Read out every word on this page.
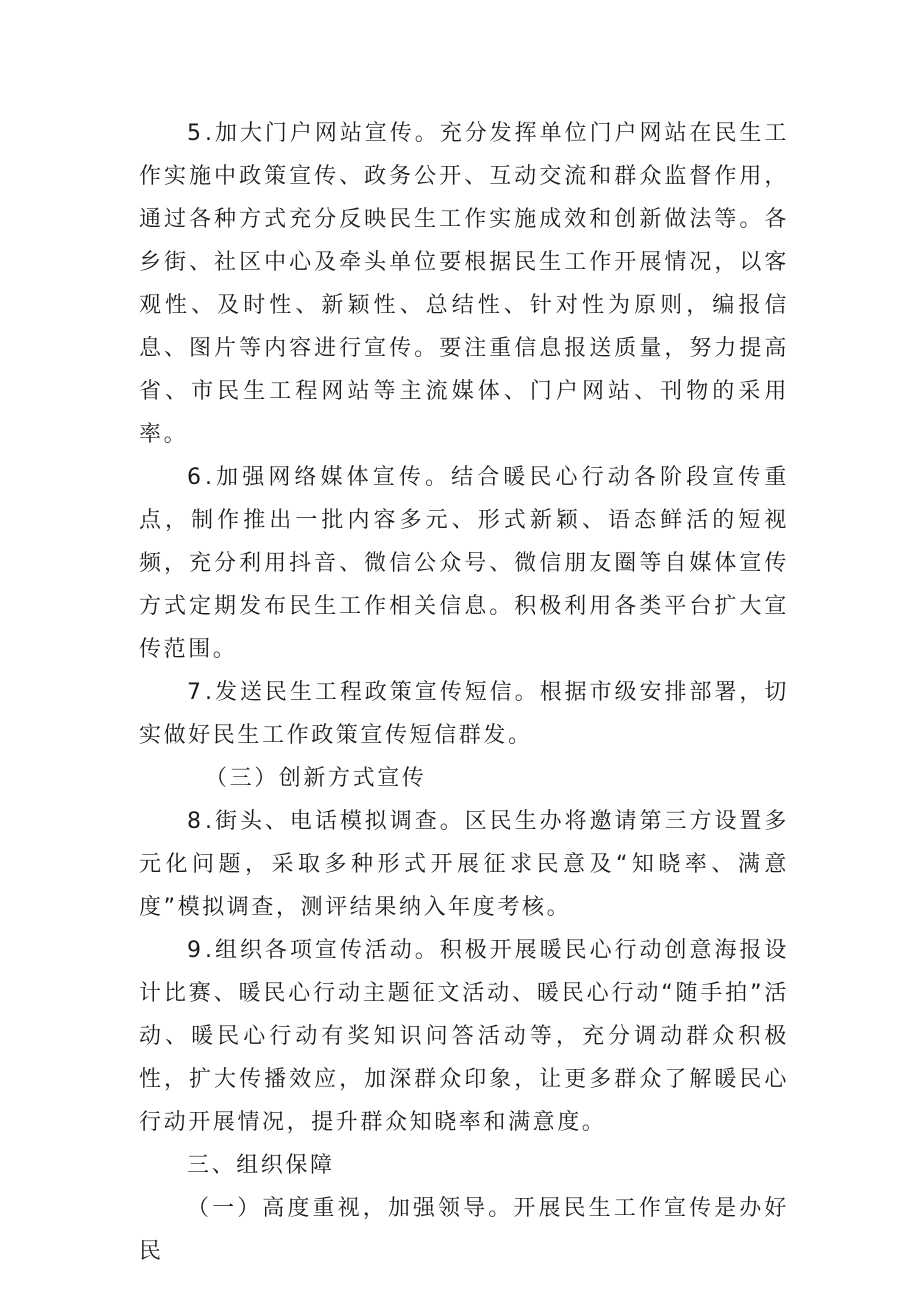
5.加大门户网站宣传。充分发挥单位门户网站在民生工作实施中政策宣传、政务公开、互动交流和群众监督作用，通过各种方式充分反映民生工作实施成效和创新做法等。各乡街、社区中心及牵头单位要根据民生工作开展情况，以客观性、及时性、新颖性、总结性、针对性为原则，编报信息、图片等内容进行宣传。要注重信息报送质量，努力提高省、市民生工程网站等主流媒体、门户网站、刊物的采用率。

6.加强网络媒体宣传。结合暖民心行动各阶段宣传重点，制作推出一批内容多元、形式新颖、语态鲜活的短视频，充分利用抖音、微信公众号、微信朋友圈等自媒体宣传方式定期发布民生工作相关信息。积极利用各类平台扩大宣传范围。

7.发送民生工程政策宣传短信。根据市级安排部署，切实做好民生工作政策宣传短信群发。

（三）创新方式宣传

8.街头、电话模拟调查。区民生办将邀请第三方设置多元化问题，采取多种形式开展征求民意及“知晓率、满意度”模拟调查，测评结果纳入年度考核。

9.组织各项宣传活动。积极开展暖民心行动创意海报设计比赛、暖民心行动主题征文活动、暖民心行动“随手拍”活动、暖民心行动有奖知识问答活动等，充分调动群众积极性，扩大传播效应，加深群众印象，让更多群众了解暖民心行动开展情况，提升群众知晓率和满意度。

三、组织保障

（一）高度重视，加强领导。开展民生工作宣传是办好民
